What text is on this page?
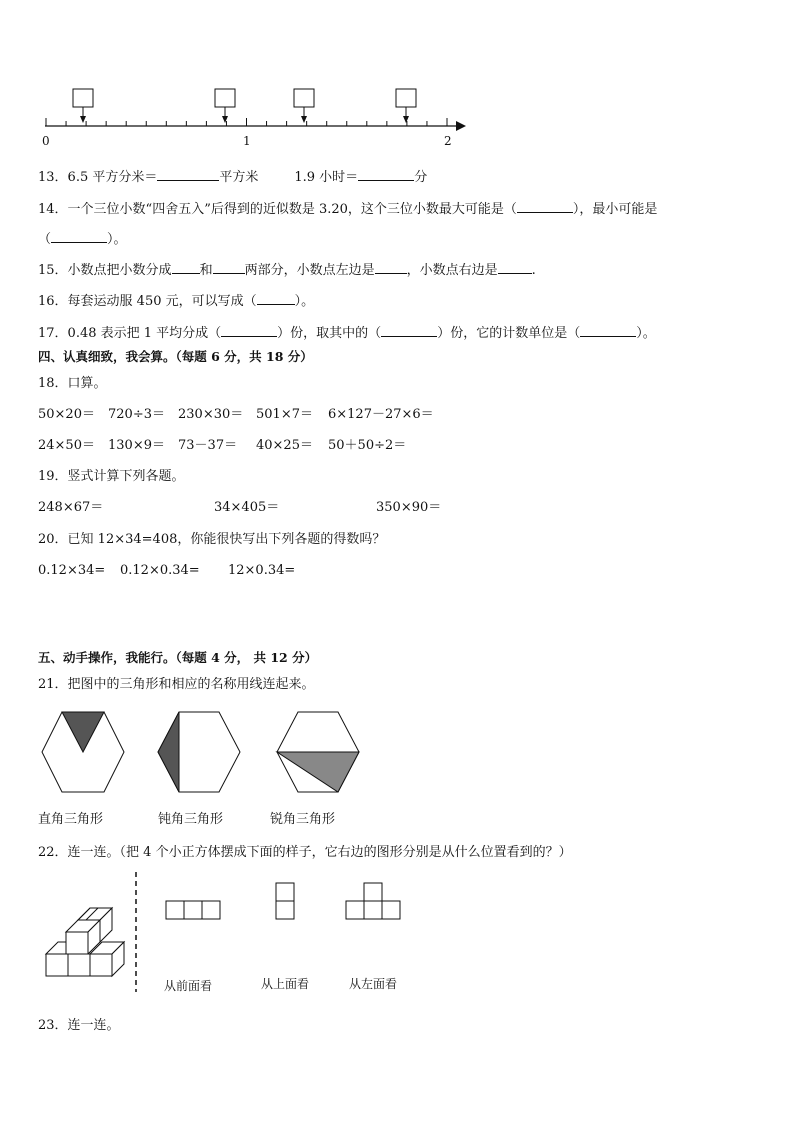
0	1	2
13．6.5 平方分米＝	平方米	1.9 小时＝	分
14．一个三位小数“四舍五入”后得到的近似数是 3.20，这个三位小数最大可能是（	），最小可能是
（	）。
15．小数点把小数分成 和 两部分，小数点左边是 ，小数点右边是	.
16．每套运动服 450 元，可以写成（	）。
17．0.48 表示把 1 平均分成（	）份，取其中的（	）份，它的计数单位是（	）。
四、认真细致，我会算。（每题 6 分，共 18 分）
18．口算。
50×20＝ 720÷3＝ 230×30＝ 501×7＝ 6×127－27×6＝
24×50＝ 130×9＝ 73－37＝ 40×25＝ 50＋50÷2＝
19．竖式计算下列各题。
248×67＝	34×405＝	350×90＝
20．已知 12×34=408，你能很快写出下列各题的得数吗？
0.12×34= 0.12×0.34= 12×0.34=
五、动手操作，我能行。（每题 4 分， 共 12 分）
21．把图中的三角形和相应的名称用线连起来。
直角三角形	钝角三角形	锐角三角形
22．连一连。（把 4 个小正方体摆成下面的样子，它右边的图形分别是从什么位置看到的？）
从前面看	从上面看	从左面看
23．连一连。
